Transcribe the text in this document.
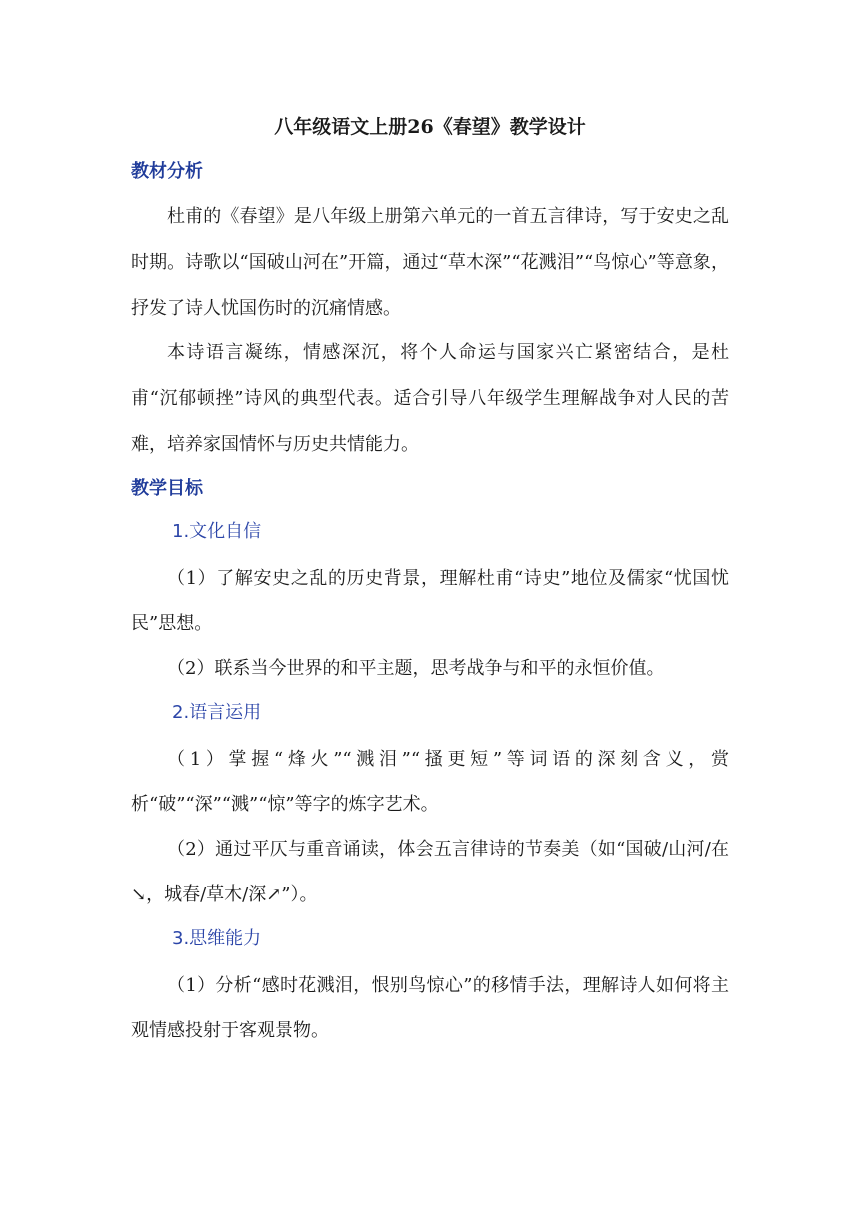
八年级语文上册26《春望》教学设计
教材分析

杜甫的《春望》是八年级上册第六单元的一首五言律诗，写于安史之乱时期。诗歌以“国破山河在”开篇，通过“草木深”“花溅泪”“鸟惊心”等意象，抒发了诗人忧国伤时的沉痛情感。

本诗语言凝练，情感深沉，将个人命运与国家兴亡紧密结合，是杜甫“沉郁顿挫”诗风的典型代表。适合引导八年级学生理解战争对人民的苦难，培养家国情怀与历史共情能力。

教学目标
1.文化自信

（1）了解安史之乱的历史背景，理解杜甫“诗史”地位及儒家“忧国忧民”思想。

（2）联系当今世界的和平主题，思考战争与和平的永恒价值。

2.语言运用

（1）掌握“烽火”“溅泪”“搔更短”等词语的深刻含义，赏析“破”“深”“溅”“惊”等字的炼字艺术。

（2）通过平仄与重音诵读，体会五言律诗的节奏美（如“国破/山河/在↘，城春/草木/深↗”）。

3.思维能力

（1）分析“感时花溅泪，恨别鸟惊心”的移情手法，理解诗人如何将主观情感投射于客观景物。
